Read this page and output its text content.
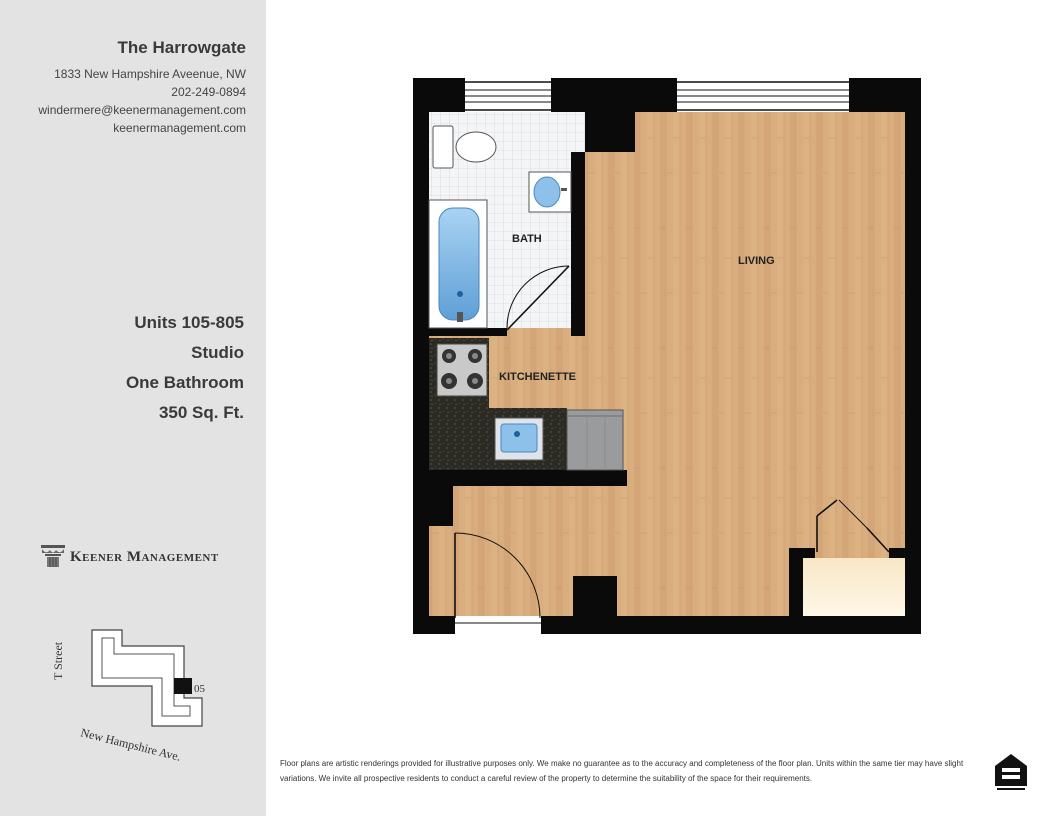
The Harrowgate
1833 New Hampshire Aveenue, NW
202-249-0894
windermere@keenermanagement.com
keenermanagement.com
Units 105-805
Studio
One Bathroom
350 Sq. Ft.
Keener Management
05
T Street
New Hampshire Ave.
BATH
LIVING
KITCHENETTE
Floor plans are artistic renderings provided for illustrative purposes only. We make no guarantee as to the accuracy and completeness of the floor plan. Units within the same tier may have slight variations. We invite all prospective residents to conduct a careful review of the property to determine the suitability of the space for their requirements.
